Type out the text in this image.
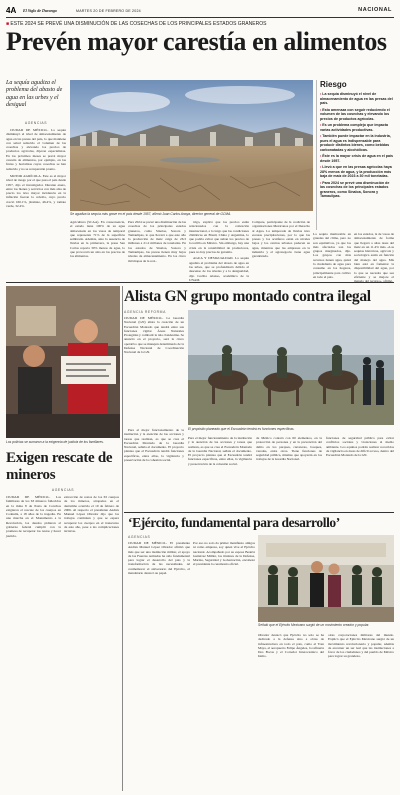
4A El Siglo de Durango	MARTES 20 DE FEBRERO DE 2024	NACIONAL
■ ESTE 2024 SE PREVÉ UNA DISMINUCIÓN DE LAS COSECHAS DE LOS PRINCIPALES ESTADOS GRANEROS
Prevén mayor carestía en alimentos
La sequía agudiza el problema del abasto de agua en las urbes y el desigual
AGENCIAS

CIUDAD DE MÉXICO.- La sequía disminuyó el nivel de almacenamiento de agua en las presas del país, lo que mantiene con salud reducido el volumen de las cosechas y elevando los precios de productos agrícolas, dijeron especialistas. En los próximos meses se prevé mayor carestía de alimentos, por ejemplo, en las frutas y hortalizas cuyas cosechas se han reducido y no se recuperarán pronto.

MOTOR AGRÍCOLA. Este es el mayor nivel de riesgo por el que pasa el país desde 1957, dijo el investigador. Durante enero, entre los bienes y servicios con más alza de precio los tuvo mayor incidencia en la inflación fueron la cebolla, cuyo precio creció 160.1%, jitomate, 46.4%, y tomate verde, 32.4%.

Se agudiza la sequía más grave en el país desde 1957, afirmó Juan Carlos Anaya, director general de GCMA.
Agricultura (SCAA). En consecuencia, el estado tiene 100% de su agua almacenada en los vasos de temporal que representa 71% de la superficie sembrada. Además, ante la ausencia de lluvias en la primavera, la presa San Carlos reporta 30% menos de agua, lo que provocará un alza en los precios de los alimentos.
Para 2024 se prevé una disminución de las cosechas de los principales estados graneros, como Sinaloa, Sonora y Tamaulipas, lo que llevará a que este año la producción de maíz caiga de 26.3 millones a 21.2 millones de toneladas. En los estados de Sinaloa, Sonora y Tamaulipas, las presas tienen muy bajos niveles de almacenamiento. En los cinco mil mapas de la red...

trigo, explicó que los precios están relacionados con la cotización internacional, a lo largo que las condiciones climáticas en Brasil, China y Argentina, lo que podría evitar que suban los precios de la tortilla en México. Sin embargo, hay una crisis en la rentabilidad de productores, pues no hay precios de garantía.

AGUA Y DESIGUALDAD. La sequía agudiza el problema del abasto de agua en las urbes, que se profundizará debido al descenso de los niveles y a la desigualdad, dijo Cecilia Alonso, académica de la UNAM.

Compare, participante de la coalición de organizaciones Mexicanos por el Derecho al Agua. La temporada de lluvias tuvo escasas precipitaciones, por lo que las presas y los acuíferos están en niveles bajos y los centros urbanos padecen su agua, mientras que las empresas en la industria y el agronegocio tiene agua garantizada.
La sequía memorable en grandes del clima, pero no son equitativos, ya que los más afectados son los grupos marginados, dijo. Los grupos con más recursos tienen agua, quizá la ciudadanía de agua para consumo en los hogares, principalmente para cultivo en todo el país.
Riesgo
• La sequía disminuyó el nivel de almacenamiento de agua en las presas del país.
• Esto amenaza con seguir reduciendo el volumen de las cosechas y elevando los precios de productos agrícolas.
• Es un problema complejo que impacta varias actividades productivas.
• También puede impactar en la industria, pues el agua es indispensable para producir distintos bienes, como bebidas carbonatadas y alcohólicas.
• Éste es la mayor crisis de agua en el país desde 1957.
• Llevó a que en las presas agrícolas haya 28% menos de agua, y la producción más baja de maíz de 2023 a 30 mil toneladas.
• Para 2024 se prevé una disminución de las cosechas de los principales estados graneros, como Sinaloa, Sonora y Tamaulipas.
en los estados, la de vasos de almacenamiento de forma que llegará a altas tasas del maíz en un 11.4% más. «Las sequías históricas, agrícola y sociológica están en función del manejo del agua. Mis bien está en fomentar la disponibilidad del agua, por lo que se necesita que sea eficiente y se mejore el manejo del recurso», afirmó.
Los policías se sumaron a la exigencia de justicia de los familiares.
Alista GN grupo montado contra ilegal
AGENCIA REFORMA
CIUDAD DE MÉXICO.- La Guardia Nacional (GN) alista la creación de un Escuadrón Montado que tendrá entre sus funciones vigilar Áreas Naturales Protegidas y combatir la tala clandestina. Se anunció en el proyecto, será la cinco operativo que se manejen determinado de la Defensa Nacional de Coordinación Nacional de la GN.
El propósito planeado que el Escuadrón tendrá es funciones específicas.
Para el mejor funcionamiento de la institución y la atención de las acciones y tareas que realizan, es que se crea el Escuadrón Montado de la Guardia Nacional, señala el documento. El proyecto plantea que el Escuadrón tendrá funciones específicas, entre ellas, la vigilancia y preservación de la cohesión social.
de México contará con 60 elementos, en la protección de personas y en la prevención del delito en los parques, carreteras, bosques, veredas, entre otros. Tiene funciones de seguridad pública, mismas que apoyarán en los trabajos de la Guardia Nacional.
funciones de seguridad pública para evitar conflictos sociales y violaciones al medio ambiente. Los equinos podrán realizar recorridos de vigilancia en áreas de difícil acceso, dentro del Escuadrón Montado de la GN.

Para el mejor funcionamiento de la institución y la atención de las acciones y tareas que realizan, es que se crea el Escuadrón Montado de la Guardia Nacional, señala el documento. El proyecto plantea que el Escuadrón tendrá funciones específicas, entre ellas, la vigilancia y preservación de la cohesión social.

Exigen rescate de mineros
AGENCIAS
CIUDAD DE MÉXICO.- Los familiares de los 63 mineros fallecidos en la mina 8 de Pasta de Conchos exigieron el rescate de los cuerpos en Coahuila, a 18 años de la tragedia. En una marcha en el Monumento a la Revolución, los deudos pidieron al gobierno federal cumplir con la promesa de recuperar los restos y hacer justicia.
extracción de restos de los 63 cuerpos de los mineros, atrapados en el derrumbe ocurrido el 19 de febrero de 2006. Al respecto el presidente Andrés Manuel López Obrador dijo que los trabajos continúan y que se espera recuperar los cuerpos en el transcurso de este año, pese a las complicaciones técnicas.
‘Ejército, fundamental para desarrollo’
AGENCIAS
CIUDAD DE MÉXICO.- El presidente Andrés Manuel López Obrador afirmó que más que ser una institución militar, el apoyo de las Fuerzas Armadas ha sido fundamental para lograr el desarrollo del país y la transformación de las necesidades. Al conmemorar el aniversario del Ejército, el mandatario destacó su papel.
Por eso no solo da primer manifiesto amigos ni como empresa, soy quien vive el Ejército nacional. Acompañado por su esposa Beatriz Gutiérrez Müller, los titulares de la Defensa, Marina, Seguridad y Gobernación, encabezó el presidente la ceremonia oficial.
Señaló que el Ejército Mexicano surgió de un movimiento creador y popular.
Obrador destacó que Ejército no solo se ha dedicado a la defensa sino a obras de infraestructura en todo el país, como el Tren Maya, el aeropuerto Felipe Ángeles, la refinería Dos Bocas y el Corredor Interoceánico del Istmo.
otras corporaciones militares del mundo. Explicó que el Ejército Mexicano surgió de un movimiento revolucionario y popular, además de encarnar un ser leal que las instituciones a favor de los ciudadanos y del pueblo de México para lograr su grandeza.
